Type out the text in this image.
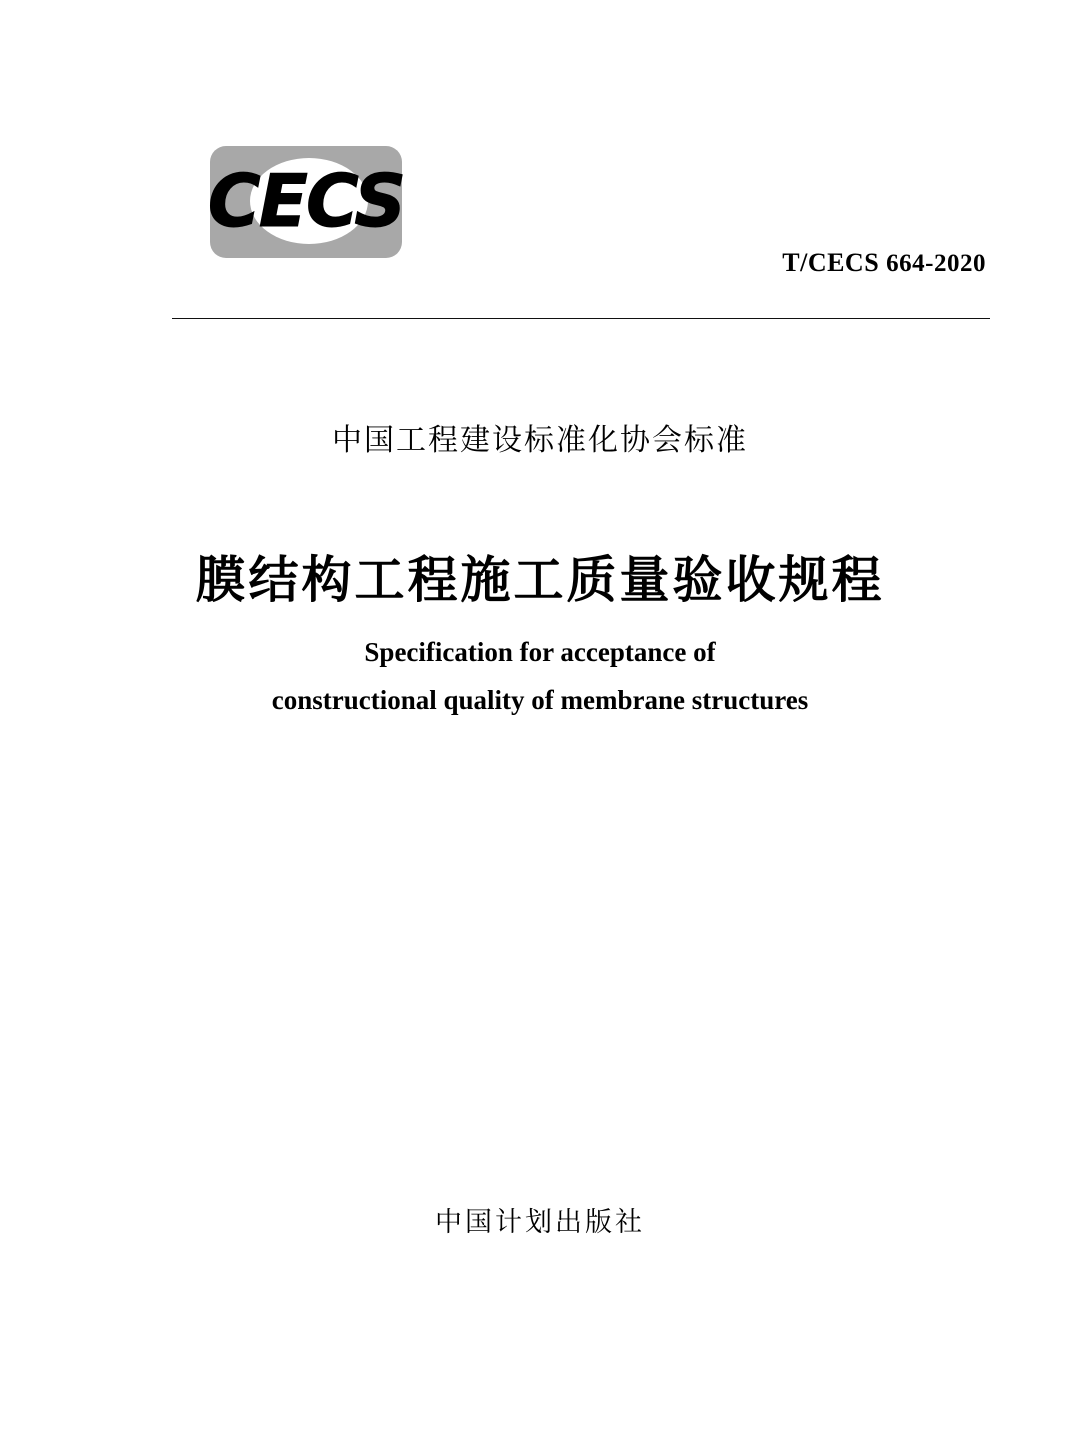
CECS
T/CECS 664-2020
中国工程建设标准化协会标准
膜结构工程施工质量验收规程
Specification for acceptance of
constructional quality of membrane structures
中国计划出版社
